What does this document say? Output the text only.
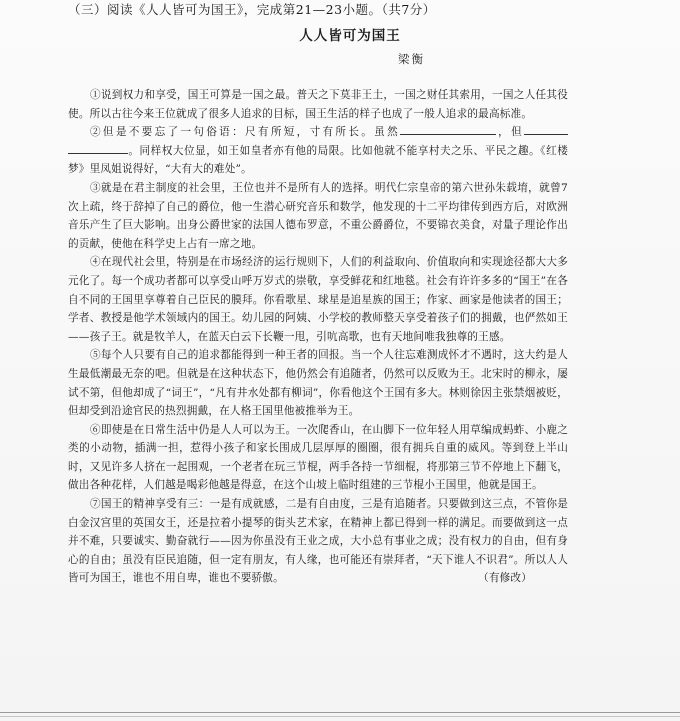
（三）阅读《人人皆可为国王》，完成第21—23小题。（共7分）
人人皆可为国王
梁衡

①说到权力和享受，国王可算是一国之最。普天之下莫非王土，一国之财任其索用，一国之人任其役使。所以古往今来王位就成了很多人追求的目标，国王生活的样子也成了一般人追求的最高标准。

②但是不要忘了一句俗语：尺有所短，寸有所长。虽然	，但。同样权大位显，如王如皇者亦有他的局限。比如他就不能享村夫之乐、平民之趣。《红楼梦》里凤姐说得好，“大有大的难处”。

③就是在君主制度的社会里，王位也并不是所有人的选择。明代仁宗皇帝的第六世孙朱载堉，就曾7次上疏，终于辞掉了自己的爵位，他一生潜心研究音乐和数学，他发现的十二平均律传到西方后，对欧洲音乐产生了巨大影响。出身公爵世家的法国人德布罗意，不重公爵爵位，不要锦衣美食，对量子理论作出的贡献，使他在科学史上占有一席之地。

④在现代社会里，特别是在市场经济的运行规则下，人们的利益取向、价值取向和实现途径都大大多元化了。每一个成功者都可以享受山呼万岁式的崇敬，享受鲜花和红地毯。社会有许许多多的“国王”在各自不同的王国里享尊着自己臣民的膜拜。你看歌星、球星是追星族的国王；作家、画家是他读者的国王；学者、教授是他学术领域内的国王。幼儿园的阿姨、小学校的教师整天享受着孩子们的拥戴，也俨然如王——孩子王。就是牧羊人，在蓝天白云下长鞭一甩，引吭高歌，也有天地间唯我独尊的王感。

⑤每个人只要有自己的追求都能得到一种王者的回报。当一个人往忘难测成怀才不遇时，这大约是人生最低潮最无奈的吧。但就是在这种状态下，他仍然会有追随者，仍然可以反败为王。北宋时的柳永，屡试不第，但他却成了“词王”，“凡有井水处都有柳词”，你看他这个王国有多大。林则徐因主张禁烟被贬，但却受到沿途官民的热烈拥戴，在人格王国里他被推举为王。

⑥即使是在日常生活中仍是人人可以为王。一次爬香山，在山脚下一位年轻人用草编成蚂蚱、小鹿之类的小动物，插满一担，惹得小孩子和家长围成几层厚厚的圈圈，很有拥兵自重的威风。等到登上半山时，又见许多人挤在一起围观，一个老者在玩三节棍，两手各持一节细棍，将那第三节不停地上下翻飞，做出各种花样，人们越是喝彩他越是得意，在这个山坡上临时组建的三节棍小王国里，他就是国王。

⑦国王的精神享受有三：一是有成就感，二是有自由度，三是有追随者。只要做到这三点，不管你是白金汉宫里的英国女王，还是拉着小提琴的街头艺术家，在精神上都已得到一样的满足。而要做到这一点并不难，只要诚实、勤奋就行——因为你虽没有王业之成，大小总有事业之成；没有权力的自由，但有身心的自由；虽没有臣民追随，但一定有朋友，有人缘，也可能还有崇拜者，“天下谁人不识君”。所以人人皆可为国王，谁也不用自卑，谁也不要骄傲。	（有修改）
